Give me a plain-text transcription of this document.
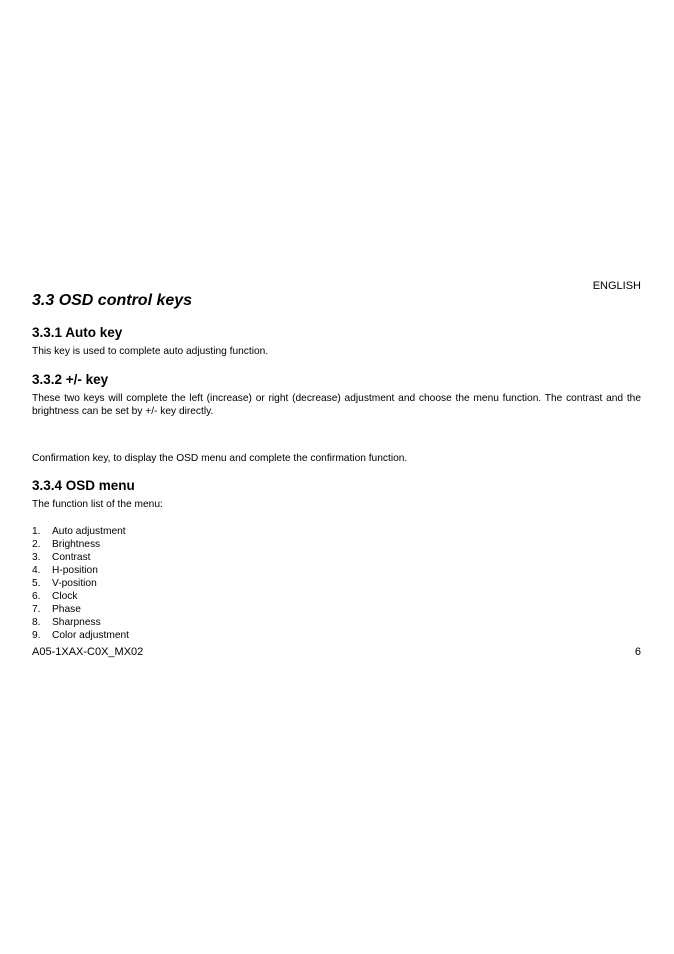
ENGLISH
3.3 OSD control keys
3.3.1 Auto key

This key is used to complete auto adjusting function.

3.3.2 +/- key

These two keys will complete the left (increase) or right (decrease) adjustment and choose the menu function. The contrast and the brightness can be set by +/- key directly.

Confirmation key, to display the OSD menu and complete the confirmation function.

3.3.4 OSD menu

The function list of the menu:

1.	Auto adjustment
2.	Brightness
3.	Contrast
4.	H-position
5.	V-position
6.	Clock
7.	Phase
8.	Sharpness
9.	Color adjustment
A05-1XAX-C0X_MX02	6
